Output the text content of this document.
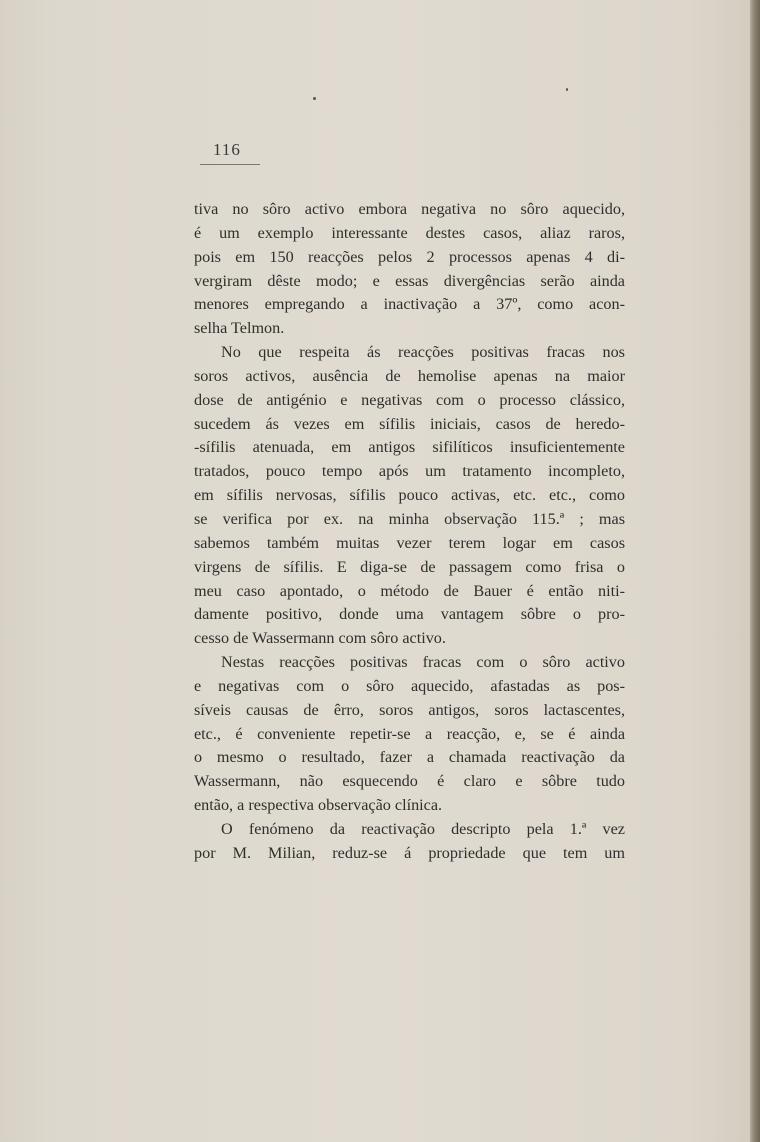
116

tiva no sôro activo embora negativa no sôro aquecido,
é um exemplo interessante destes casos, aliaz raros,
pois em 150 reacções pelos 2 processos apenas 4 di-
vergiram dêste modo; e essas divergências serão ainda
menores empregando a inactivação a 37º, como acon-
selha Telmon.

No que respeita ás reacções positivas fracas nos
soros activos, ausência de hemolise apenas na maior
dose de antigénio e negativas com o processo clássico,
sucedem ás vezes em sífilis iniciais, casos de heredo-
-sífilis atenuada, em antigos sifilíticos insuficientemente
tratados, pouco tempo após um tratamento incompleto,
em sífilis nervosas, sífilis pouco activas, etc. etc., como
se verifica por ex. na minha observação 115.ª ; mas
sabemos também muitas vezer terem logar em casos
virgens de sífilis. E diga-se de passagem como frisa o
meu caso apontado, o método de Bauer é então niti-
damente positivo, donde uma vantagem sôbre o pro-
cesso de Wassermann com sôro activo.

Nestas reacções positivas fracas com o sôro activo
e negativas com o sôro aquecido, afastadas as pos-
síveis causas de êrro, soros antigos, soros lactascentes,
etc., é conveniente repetir-se a reacção, e, se é ainda
o mesmo o resultado, fazer a chamada reactivação da
Wassermann, não esquecendo é claro e sôbre tudo
então, a respectiva observação clínica.

O fenómeno da reactivação descripto pela 1.ª vez
por M. Milian, reduz-se á propriedade que tem um
